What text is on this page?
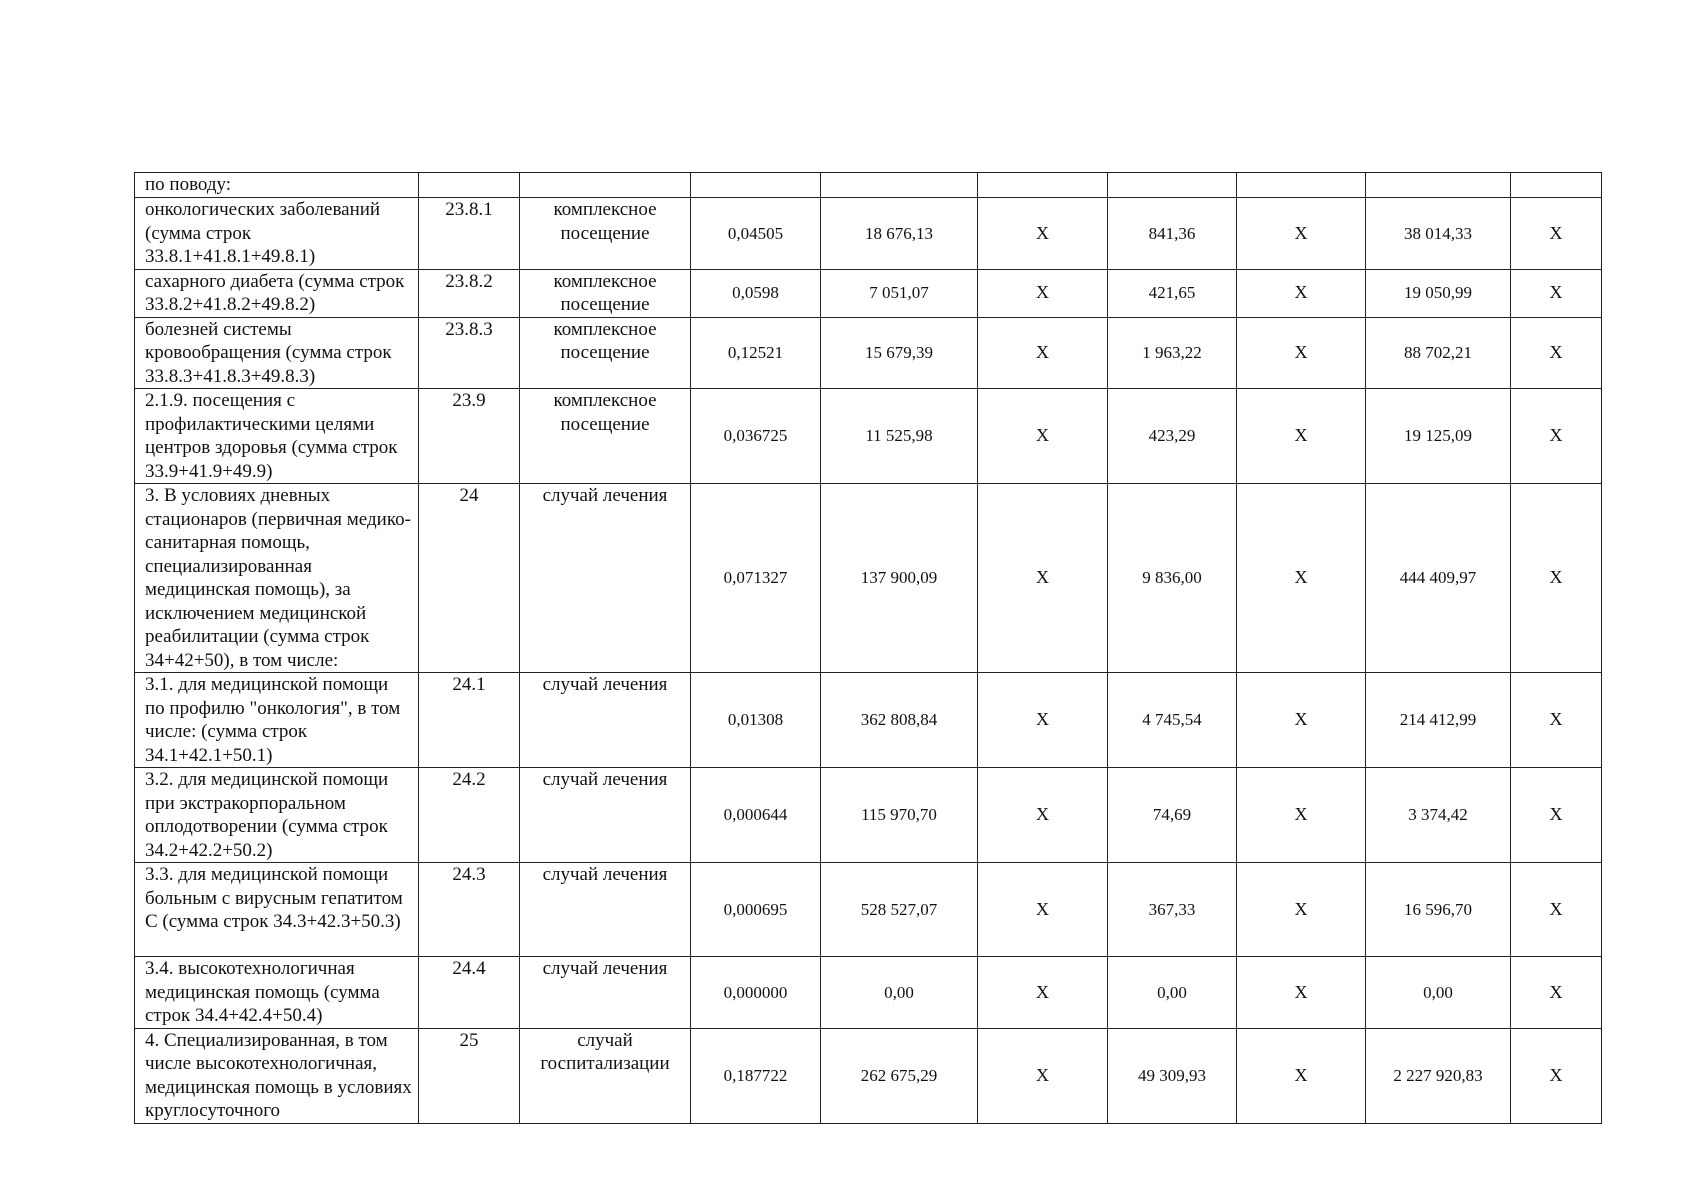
по поводу:									
онкологических заболеваний (сумма строк 33.8.1+41.8.1+49.8.1)	23.8.1	комплексное посещение	0,04505	18 676,13	X	841,36	X	38 014,33	X
сахарного диабета (сумма строк 33.8.2+41.8.2+49.8.2)	23.8.2	комплексное посещение	0,0598	7 051,07	X	421,65	X	19 050,99	X
болезней системы кровообращения (сумма строк 33.8.3+41.8.3+49.8.3)	23.8.3	комплексное посещение	0,12521	15 679,39	X	1 963,22	X	88 702,21	X
2.1.9. посещения с профилактическими целями центров здоровья (сумма строк 33.9+41.9+49.9)	23.9	комплексное посещение	0,036725	11 525,98	X	423,29	X	19 125,09	X
3. В условиях дневных стационаров (первичная медико-санитарная помощь, специализированная медицинская помощь), за исключением медицинской реабилитации (сумма строк 34+42+50), в том числе:	24	случай лечения	0,071327	137 900,09	X	9 836,00	X	444 409,97	X
3.1. для медицинской помощи по профилю "онкология", в том числе: (сумма строк 34.1+42.1+50.1)	24.1	случай лечения	0,01308	362 808,84	X	4 745,54	X	214 412,99	X
3.2. для медицинской помощи при экстракорпоральном оплодотворении (сумма строк 34.2+42.2+50.2)	24.2	случай лечения	0,000644	115 970,70	X	74,69	X	3 374,42	X
3.3. для медицинской помощи больным с вирусным гепатитом С (сумма строк 34.3+42.3+50.3)	24.3	случай лечения	0,000695	528 527,07	X	367,33	X	16 596,70	X
3.4. высокотехнологичная медицинская помощь (сумма строк 34.4+42.4+50.4)	24.4	случай лечения	0,000000	0,00	X	0,00	X	0,00	X
4. Специализированная, в том числе высокотехнологичная, медицинская помощь в условиях круглосуточного	25	случай госпитализации	0,187722	262 675,29	X	49 309,93	X	2 227 920,83	X
